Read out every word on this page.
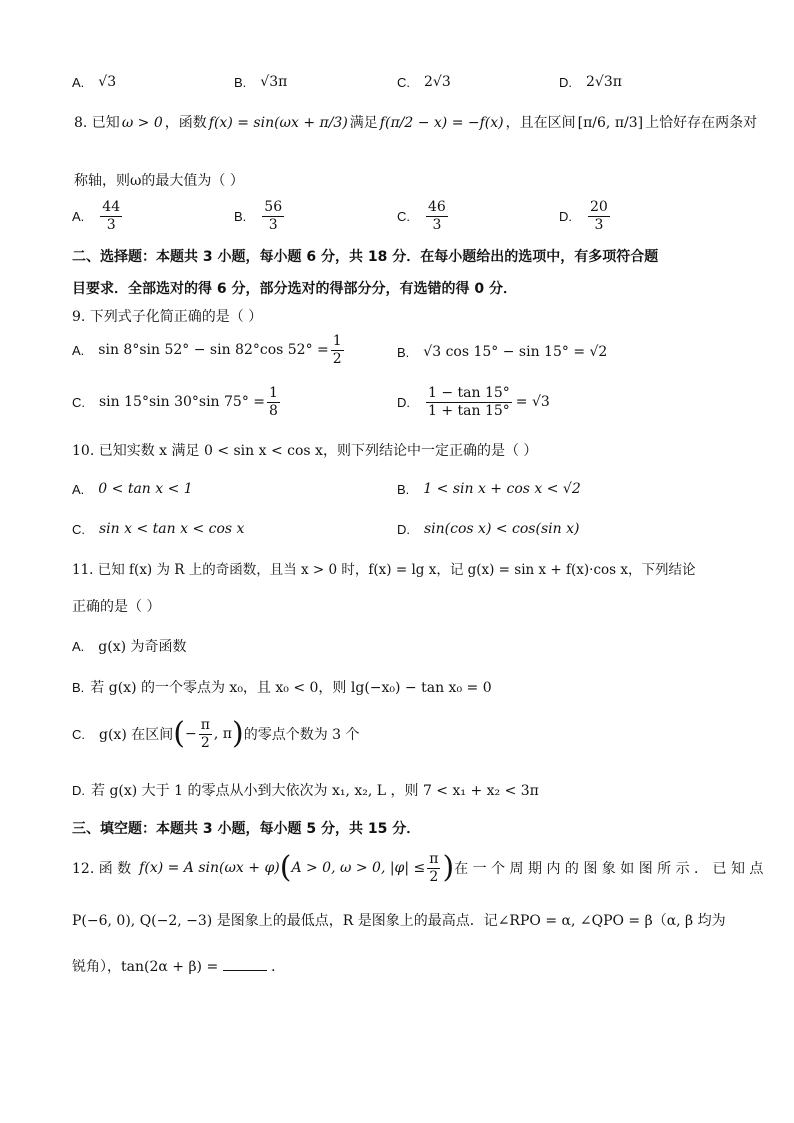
A. √3	B. √3π	C. 2√3	D. 2√3π
8. 已知 ω > 0 ，函数 f(x) = sin(ωx + π/3) 满足 f(π/2 − x) = −f(x) ，且在区间 [π/6, π/3] 上恰好存在两条对
称轴，则ω的最大值为（ ）
A. $\frac{44}{3}$	B. $\frac{56}{3}$	C. $\frac{46}{3}$	D. $\frac{20}{3}$
二、选择题：本题共 3 小题，每小题 6 分，共 18 分．在每小题给出的选项中，有多项符合题
目要求．全部选对的得 6 分，部分选对的得部分分，有选错的得 0 分．
9. 下列式子化简正确的是（ ）
A. sin 8°sin 52° − sin 82°cos $52^\circ = \frac{1}{2}$	B. √3 cos 15° − sin 15° = √2
C. sin 15°sin 30°sin $75^\circ = \frac{1}{8}$	D. $\frac{1 - \tan 15^\circ}{1 + \tan 15^\circ} = √3$
10. 已知实数 x 满足 0 < sin x < cos x，则下列结论中一定正确的是（ ）
A. 0 < tan x < 1	B. 1 < sin x + cos x < √2
C. sin x < tan x < cos x	D. sin(cos x) < cos(sin x)
11. 已知 f(x) 为 R 上的奇函数，且当 x > 0 时，f(x) = lg x，记 g(x) = sin x + f(x)·cos x，下列结论
正确的是（ ）
A. g(x) 为奇函数
B. 若 g(x) 的一个零点为 x₀，且 x₀ < 0，则 lg(−x₀) − tan x₀ = 0
C. g(x) 在区间 ( − $\frac{\pi}{2}$ , π ) 的零点个数为 3 个
D. 若 g(x) 大于 1 的零点从小到大依次为 x₁, x₂, L ，则 7 < x₁ + x₂ < 3π
三、填空题：本题共 3 小题，每小题 5 分，共 15 分．
12. 函 数 f(x) = A sin(ωx + φ) ( A > 0, ω > 0, $|\varphi| \le \frac{\pi}{2}$ ) 在 一 个 周 期 内 的 图 象 如 图 所 示 ． 已 知 点
P(−6, 0), Q(−2, −3) 是图象上的最低点，R 是图象上的最高点．记∠RPO = α, ∠QPO = β（α, β 均为
锐角），tan(2α + β) =	．
